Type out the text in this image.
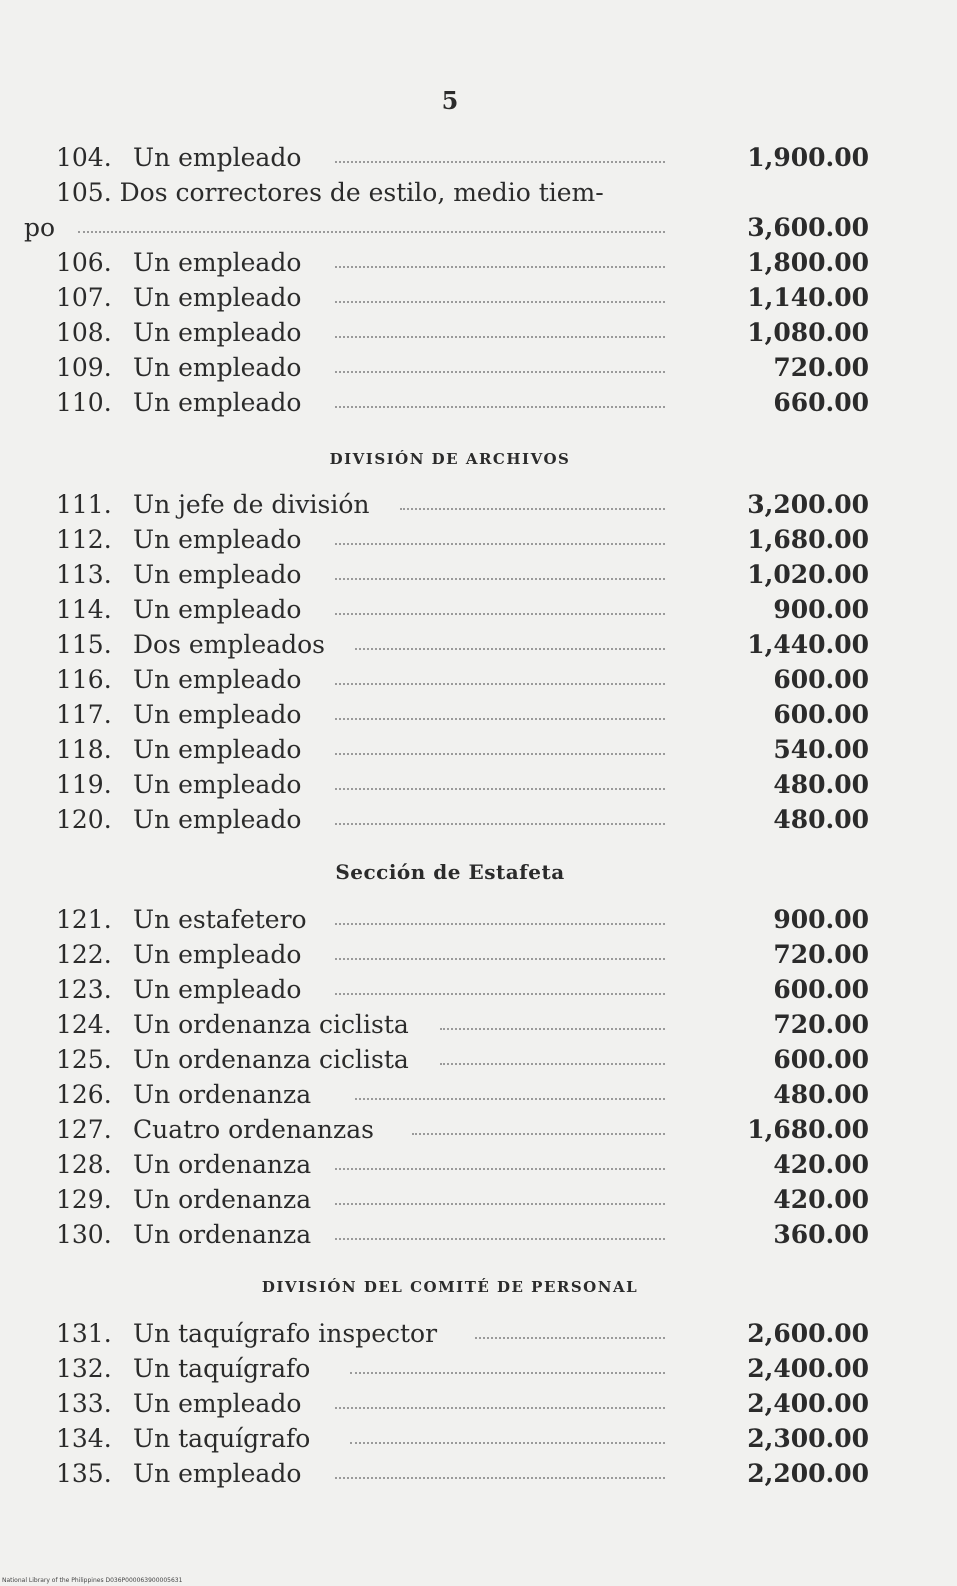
5
104. Un empleado	1,900.00
105. Dos correctores de estilo, medio tiem-
po	3,600.00
106. Un empleado	1,800.00
107. Un empleado	1,140.00
108. Un empleado	1,080.00
109. Un empleado	720.00
110. Un empleado	660.00
DIVISIÓN DE ARCHIVOS
111. Un jefe de división	3,200.00
112. Un empleado	1,680.00
113. Un empleado	1,020.00
114. Un empleado	900.00
115. Dos empleados	1,440.00
116. Un empleado	600.00
117. Un empleado	600.00
118. Un empleado	540.00
119. Un empleado	480.00
120. Un empleado	480.00
Sección de Estafeta
121. Un estafetero	900.00
122. Un empleado	720.00
123. Un empleado	600.00
124. Un ordenanza ciclista	720.00
125. Un ordenanza ciclista	600.00
126. Un ordenanza	480.00
127. Cuatro ordenanzas	1,680.00
128. Un ordenanza	420.00
129. Un ordenanza	420.00
130. Un ordenanza	360.00
DIVISIÓN DEL COMITÉ DE PERSONAL
131. Un taquígrafo inspector	2,600.00
132. Un taquígrafo	2,400.00
133. Un empleado	2,400.00
134. Un taquígrafo	2,300.00
135. Un empleado	2,200.00
National Library of the Philippines D036P000063900005631
